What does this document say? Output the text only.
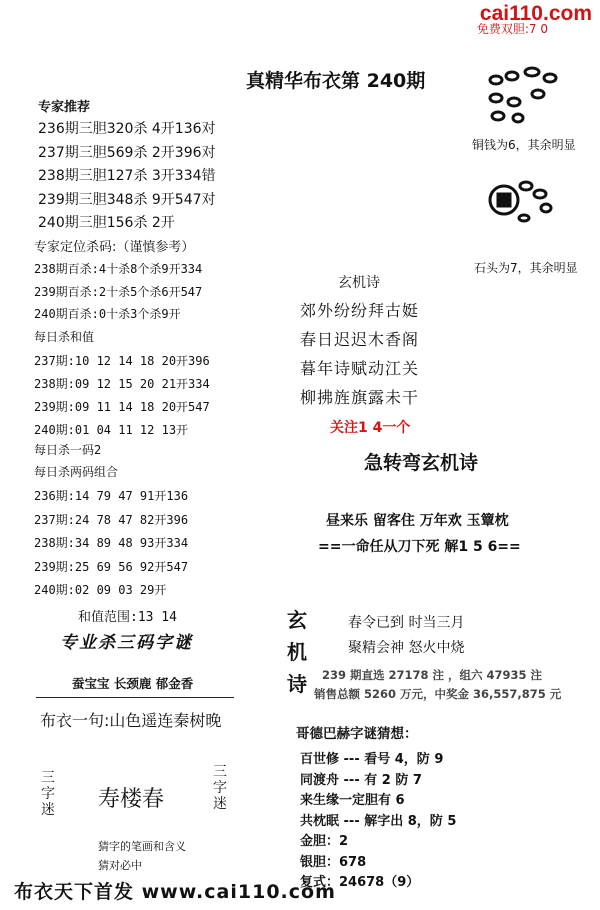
cai110.com
免费双胆:7 0
真精华布衣第 240期
专家推荐
236期三胆320杀 4开136对
237期三胆569杀 2开396对
238期三胆127杀 3开334错
239期三胆348杀 9开547对
240期三胆156杀 2开
专家定位杀码:（谨慎参考）
238期百杀:4十杀8个杀9开334
239期百杀:2十杀5个杀6开547
240期百杀:0十杀3个杀9开
每日杀和值
237期:10 12 14 18 20开396
238期:09 12 15 20 21开334
239期:09 11 14 18 20开547
240期:01 04 11 12 13开
每日杀一码2
每日杀两码组合
236期:14 79 47 91开136
237期:24 78 47 82开396
238期:34 89 48 93开334
239期:25 69 56 92开547
240期:02 09 03 29开
和值范围:13 14
专业杀三码字谜
蚕宝宝 长颈鹿 郁金香
布衣一句:山色遥连秦树晚
三
字
迷 寿楼春
三
字
迷
猜字的笔画和含义
猜对必中
铜钱为6，其余明显
石头为7，其余明显
玄机诗
郊外纷纷拜古娗
春日迟迟木香阁
暮年诗赋动江关
柳拂旌旗露未干
关注1 4一个
急转弯玄机诗
昼来乐 留客住 万年欢 玉簟枕
==一命任从刀下死 解1 5 6==
玄
机
诗
春令已到 时当三月
聚精会神 怒火中烧
239 期直选 27178 注 ，组六 47935 注
销售总额 5260 万元，中奖金 36,557,875 元
哥德巴赫字谜猜想：
百世修 --- 看号 4，防 9
同渡舟 --- 有 2 防 7
来生缘一定胆有 6
共枕眠 --- 解字出 8，防 5
金胆：2
银胆：678
复式：24678（9）
布衣天下首发 www.cai110.com
